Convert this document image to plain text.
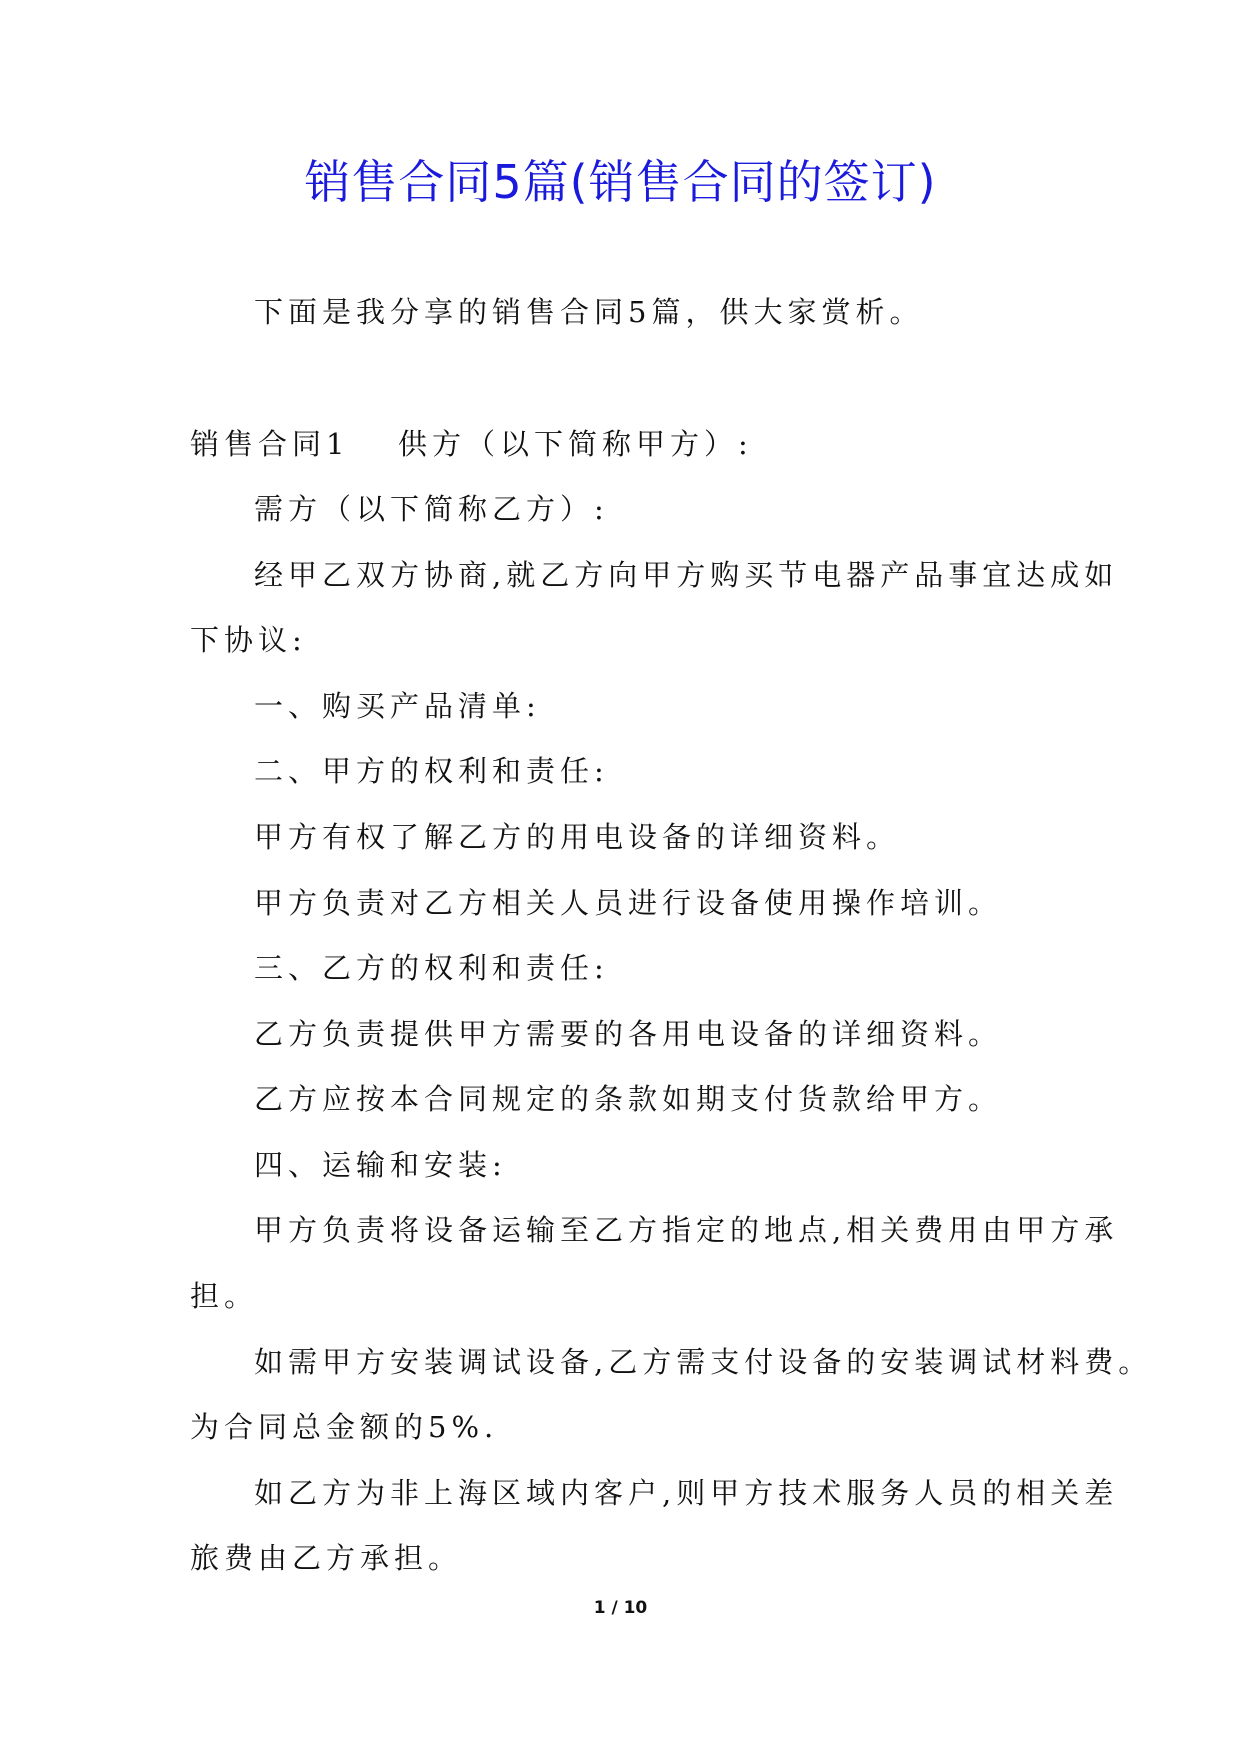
销售合同5篇(销售合同的签订)
下面是我分享的销售合同5篇，供大家赏析。
销售合同1 供方（以下简称甲方）:
需方（以下简称乙方）:
经甲乙双方协商,就乙方向甲方购买节电器产品事宜达成如
下协议:
一、购买产品清单:
二、甲方的权利和责任:
甲方有权了解乙方的用电设备的详细资料。
甲方负责对乙方相关人员进行设备使用操作培训。
三、乙方的权利和责任:
乙方负责提供甲方需要的各用电设备的详细资料。
乙方应按本合同规定的条款如期支付货款给甲方。
四、运输和安装:
甲方负责将设备运输至乙方指定的地点,相关费用由甲方承
担。
如需甲方安装调试设备,乙方需支付设备的安装调试材料费。
为合同总金额的5%.
如乙方为非上海区域内客户,则甲方技术服务人员的相关差
旅费由乙方承担。
1 / 10
